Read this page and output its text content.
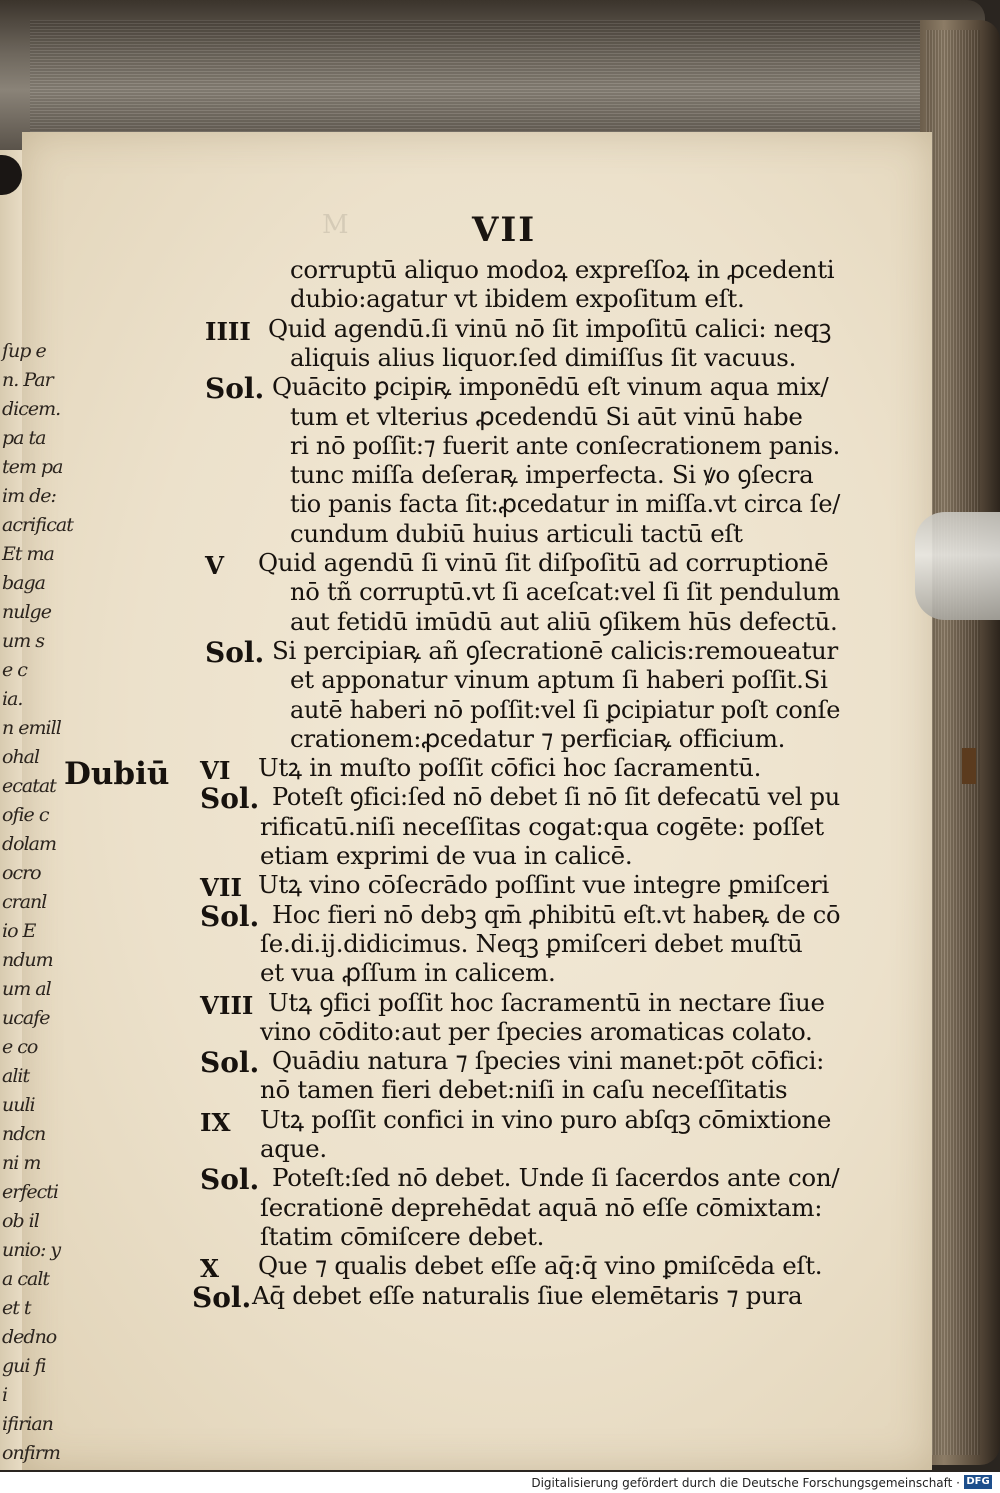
M	VII
Dubiū
corruptū aliquo modoꝝ expreſſoꝝ in ꝓcedenti
dubio:agatur vt ibidem expoſitum eſt.
IIII Quid agendū.ſi vinū nō ſit impoſitū calici: neqꝫ
aliquis alius liquor.ſed dimiſſus ſit vacuus.
Sol. Quācito ꝑcipiꝶ imponēdū eſt vinum aqua mix/
tum et vlterius ꝓcedendū Si aūt vinū habe
ri nō poſſit:⁊ fuerit ante conſecrationem panis.
tunc miſſa deſeraꝶ imperfecta. Si ꝟo ꝯſecra
tio panis facta ſit:ꝓcedatur in miſſa.vt circa ſe/
cundum dubiū huius articuli tactū eſt
V Quid agendū ſi vinū ſit diſpoſitū ad corruptionē
nō tñ corruptū.vt ſi aceſcat:vel ſi ſit pendulum
aut fetidū imūdū aut aliū ꝯſikem hūs defectū.
Sol. Si percipiaꝶ añ ꝯſecrationē calicis:remoueatur
et apponatur vinum aptum ſi haberi poſſit.Si
autē haberi nō poſſit:vel ſi ꝑcipiatur poſt conſe
crationem:ꝓcedatur ⁊ perficiaꝶ officium.
VI Utꝝ in muſto poſſit cōfici hoc ſacramentū.
Sol. Poteſt ꝯfici:ſed nō debet ſi nō ſit defecatū vel pu
rificatū.niſi neceſſitas cogat:qua cogēte: poſſet
etiam exprimi de vua in calicē.
VII Utꝝ vino cōſecrādo poſſint vue integre ꝑmiſceri
Sol. Hoc fieri nō debꝫ qm̄ ꝓhibitū eſt.vt habeꝶ de cō
ſe.di.ij.didicimus. Neqꝫ ꝑmiſceri debet muſtū
et vua ꝓſſum in calicem.
VIII Utꝝ ꝯfici poſſit hoc ſacramentū in nectare ſiue
vino cōdito:aut per ſpecies aromaticas colato.
Sol. Quādiu natura ⁊ ſpecies vini manet:pōt cōfici:
nō tamen fieri debet:niſi in caſu neceſſitatis
IX Utꝝ poſſit confici in vino puro abſqꝫ cōmixtione
aque.
Sol. Poteſt:ſed nō debet. Unde ſi ſacerdos ante con/
ſecrationē deprehēdat aquā nō eſſe cōmixtam:
ſtatim cōmiſcere debet.
X Que ⁊ qualis debet eſſe aq̄:q̄ vino ꝑmiſcēda eſt.
Sol. Aq̄ debet eſſe naturalis ſiue elemētaris ⁊ pura
ſup e
n. Par
dicem.
pa ta
tem pa
im de:
acrificat
Et ma
baga
nulge
um s
e c
ia.
n emill
ohal
ecatat
ofie c
dolam
ocro
cranl
io E
ndum
um al
ucafe
e co
alit
uuli
ndcn
ni m
erfecti
ob il
unio: y
a calt
et t
dedno
gui fi
i
ifirian
onfirm
Digitalisierung gefördert durch die Deutsche Forschungsgemeinschaft · DFG
